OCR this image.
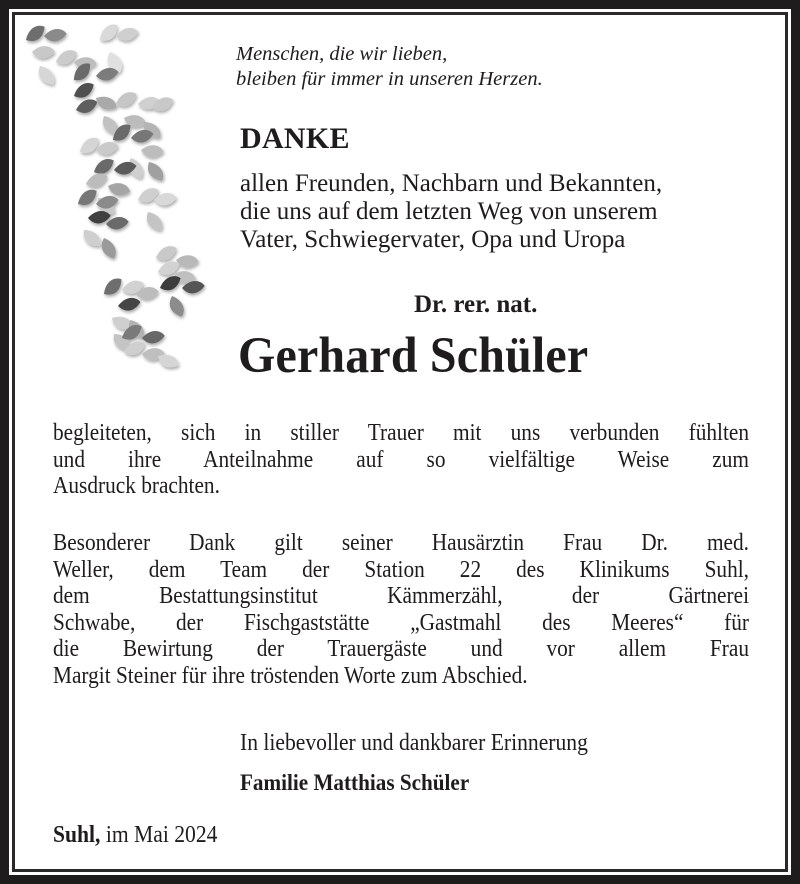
Menschen, die wir lieben,
bleiben für immer in unseren Herzen.
DANKE
allen Freunden, Nachbarn und Bekannten,
die uns auf dem letzten Weg von unserem
Vater, Schwiegervater, Opa und Uropa
Dr. rer. nat.
Gerhard Schüler
begleiteten, sich in stiller Trauer mit uns verbunden fühlten
und ihre Anteilnahme auf so vielfältige Weise zum
Ausdruck brachten.
Besonderer Dank gilt seiner Hausärztin Frau Dr. med.
Weller, dem Team der Station 22 des Klinikums Suhl,
dem Bestattungsinstitut Kämmerzähl, der Gärtnerei
Schwabe, der Fischgaststätte „Gastmahl des Meeres“ für
die Bewirtung der Trauergäste und vor allem Frau
Margit Steiner für ihre tröstenden Worte zum Abschied.
In liebevoller und dankbarer Erinnerung
Familie Matthias Schüler
Suhl, im Mai 2024
